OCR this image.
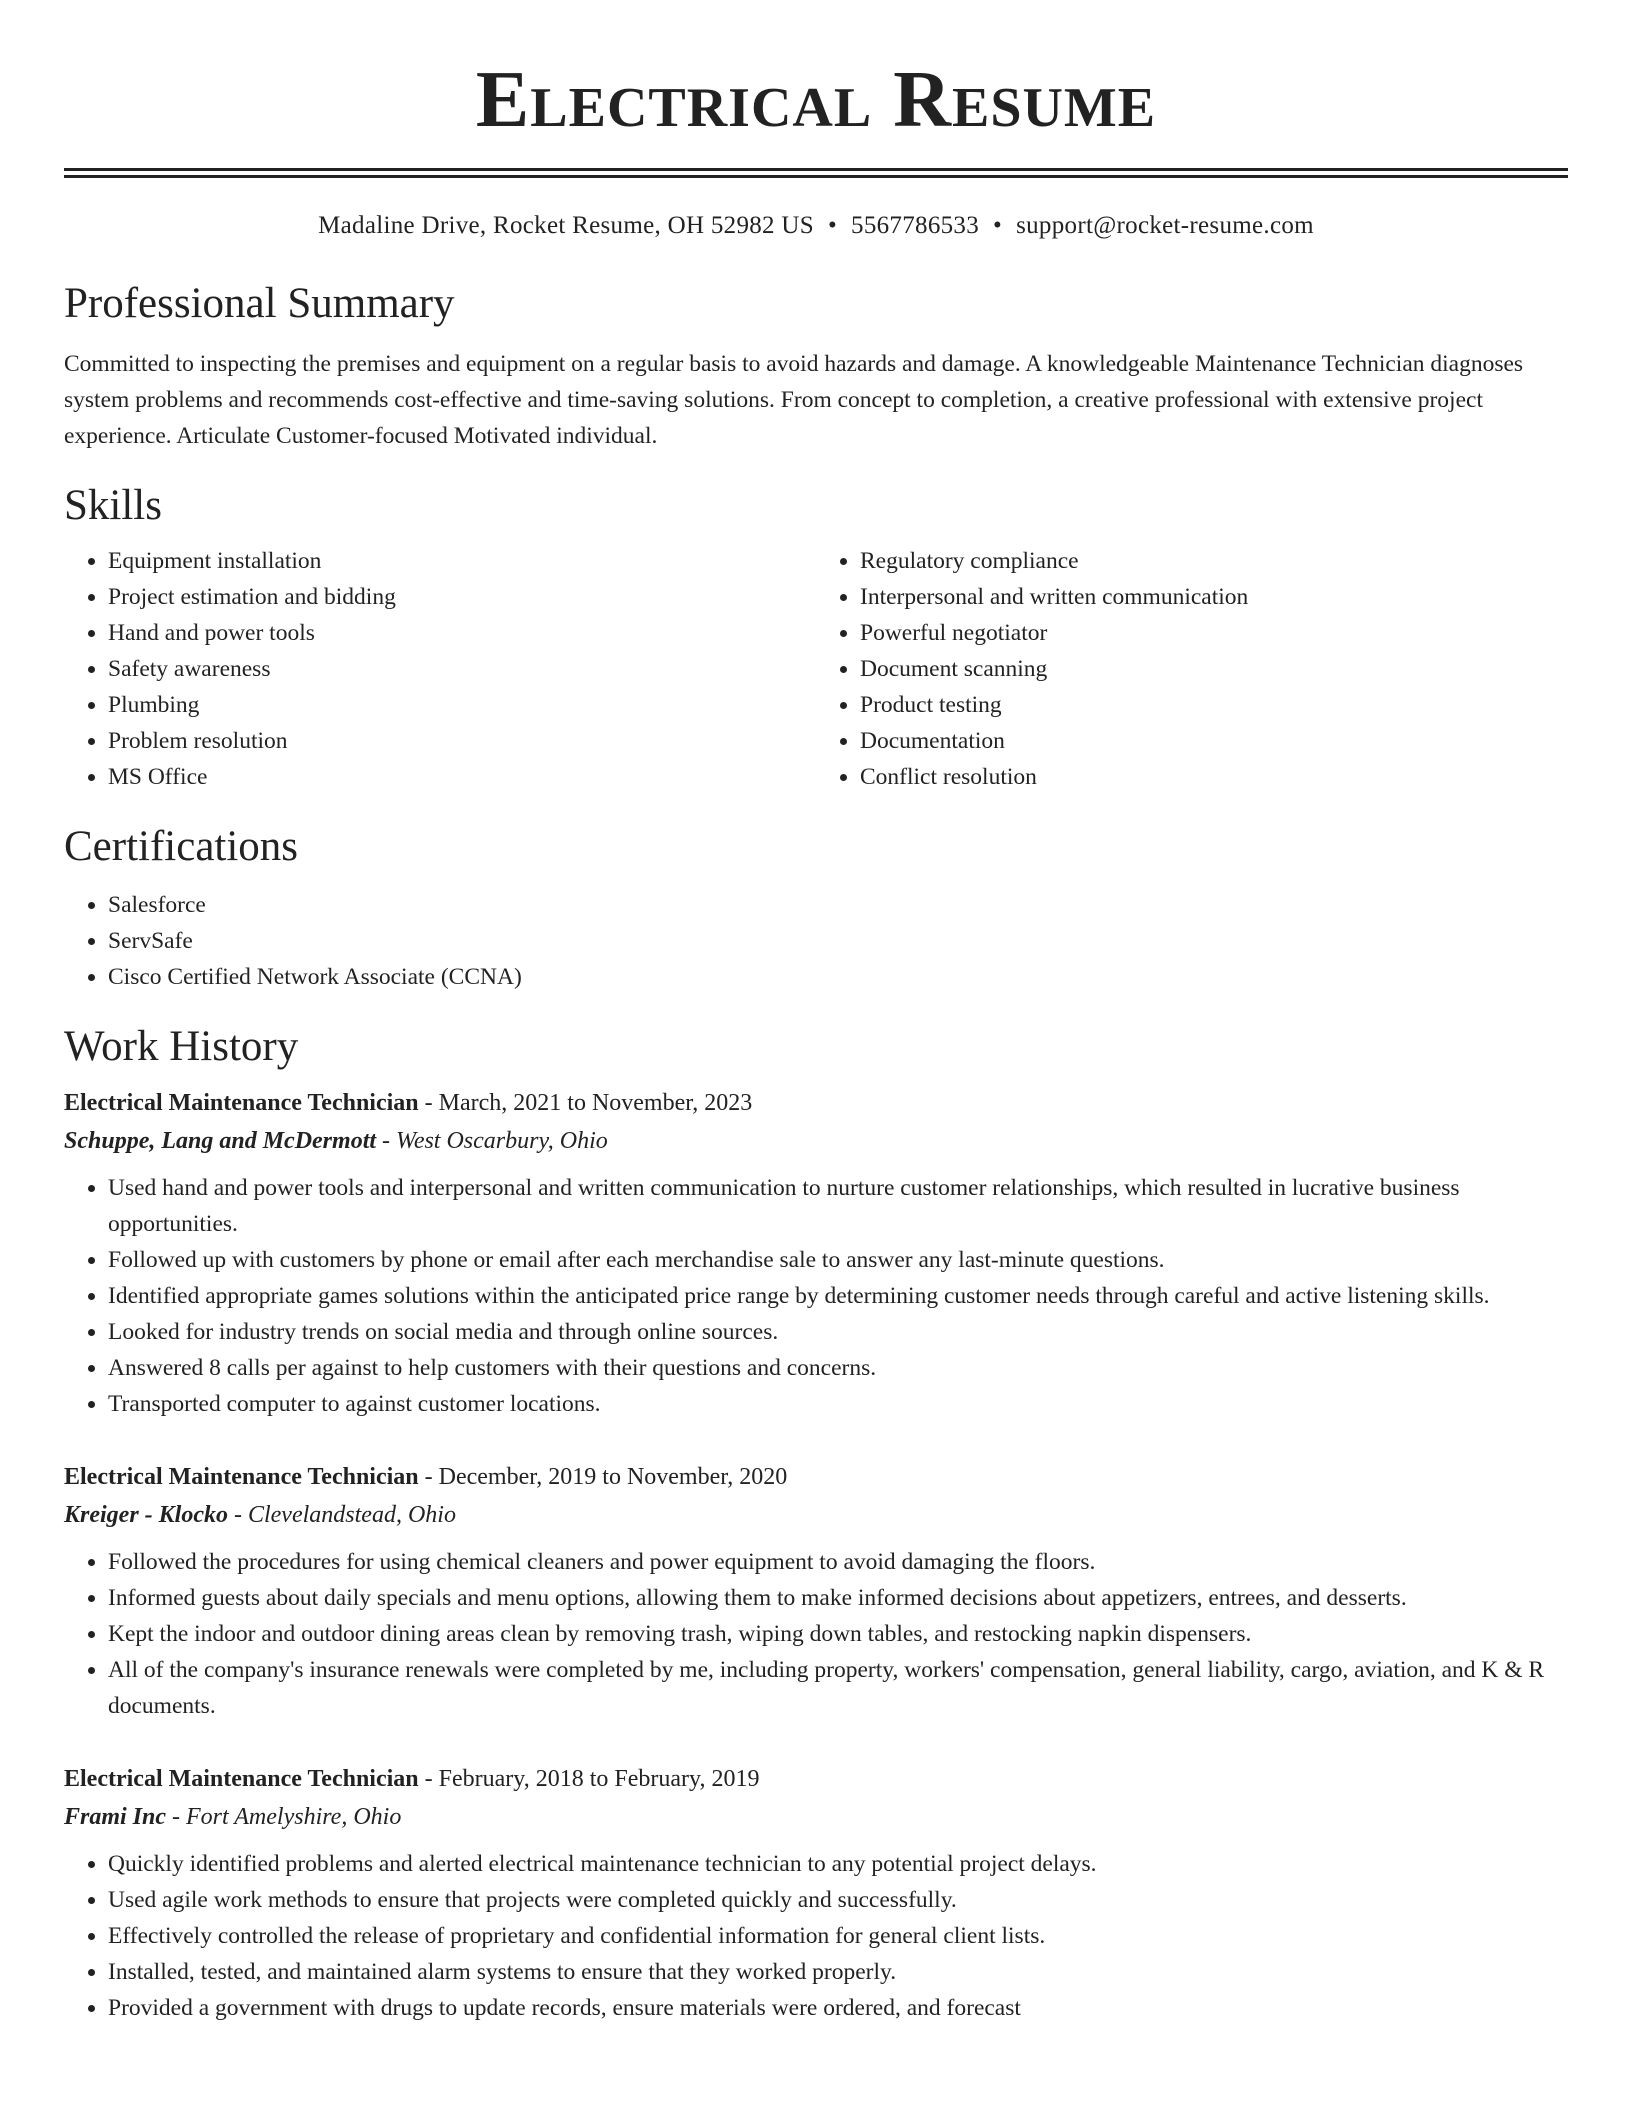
Electrical Resume
Madaline Drive, Rocket Resume, OH 52982 US • 5567786533 • support@rocket-resume.com
Professional Summary
Committed to inspecting the premises and equipment on a regular basis to avoid hazards and damage. A knowledgeable Maintenance Technician diagnoses system problems and recommends cost-effective and time-saving solutions. From concept to completion, a creative professional with extensive project experience. Articulate Customer-focused Motivated individual.
Skills
• Equipment installation
• Project estimation and bidding
• Hand and power tools
• Safety awareness
• Plumbing
• Problem resolution
• MS Office
• Regulatory compliance
• Interpersonal and written communication
• Powerful negotiator
• Document scanning
• Product testing
• Documentation
• Conflict resolution
Certifications
• Salesforce
• ServSafe
• Cisco Certified Network Associate (CCNA)
Work History
Electrical Maintenance Technician - March, 2021 to November, 2023
Schuppe, Lang and McDermott - West Oscarbury, Ohio
• Used hand and power tools and interpersonal and written communication to nurture customer relationships, which resulted in lucrative business opportunities.
• Followed up with customers by phone or email after each merchandise sale to answer any last-minute questions.
• Identified appropriate games solutions within the anticipated price range by determining customer needs through careful and active listening skills.
• Looked for industry trends on social media and through online sources.
• Answered 8 calls per against to help customers with their questions and concerns.
• Transported computer to against customer locations.
Electrical Maintenance Technician - December, 2019 to November, 2020
Kreiger - Klocko - Clevelandstead, Ohio
• Followed the procedures for using chemical cleaners and power equipment to avoid damaging the floors.
• Informed guests about daily specials and menu options, allowing them to make informed decisions about appetizers, entrees, and desserts.
• Kept the indoor and outdoor dining areas clean by removing trash, wiping down tables, and restocking napkin dispensers.
• All of the company's insurance renewals were completed by me, including property, workers' compensation, general liability, cargo, aviation, and K & R documents.
Electrical Maintenance Technician - February, 2018 to February, 2019
Frami Inc - Fort Amelyshire, Ohio
• Quickly identified problems and alerted electrical maintenance technician to any potential project delays.
• Used agile work methods to ensure that projects were completed quickly and successfully.
• Effectively controlled the release of proprietary and confidential information for general client lists.
• Installed, tested, and maintained alarm systems to ensure that they worked properly.
• Provided a government with drugs to update records, ensure materials were ordered, and forecast
